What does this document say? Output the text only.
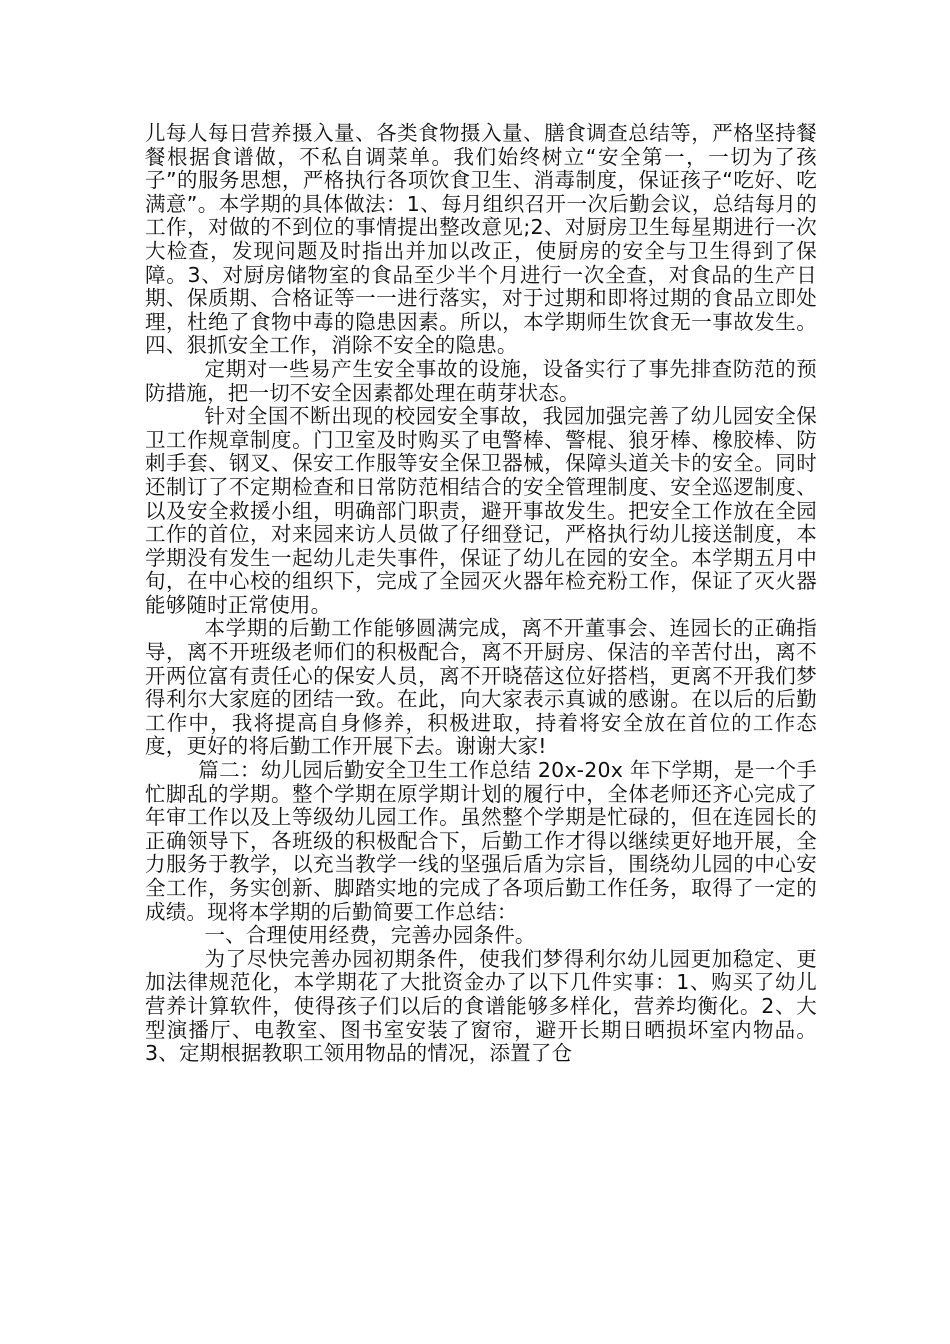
儿每人每日营养摄入量、各类食物摄入量、膳食调查总结等，严格坚持餐餐根据食谱做，不私自调菜单。我们始终树立“安全第一，一切为了孩子”的服务思想，严格执行各项饮食卫生、消毒制度，保证孩子“吃好、吃满意”。本学期的具体做法：1、每月组织召开一次后勤会议，总结每月的工作，对做的不到位的事情提出整改意见;2、对厨房卫生每星期进行一次大检查，发现问题及时指出并加以改正，使厨房的安全与卫生得到了保障。3、对厨房储物室的食品至少半个月进行一次全查，对食品的生产日期、保质期、合格证等一一进行落实，对于过期和即将过期的食品立即处理，杜绝了食物中毒的隐患因素。所以，本学期师生饮食无一事故发生。四、狠抓安全工作，消除不安全的隐患。

定期对一些易产生安全事故的设施，设备实行了事先排查防范的预防措施，把一切不安全因素都处理在萌芽状态。

针对全国不断出现的校园安全事故，我园加强完善了幼儿园安全保卫工作规章制度。门卫室及时购买了电警棒、警棍、狼牙棒、橡胶棒、防刺手套、钢叉、保安工作服等安全保卫器械，保障头道关卡的安全。同时还制订了不定期检查和日常防范相结合的安全管理制度、安全巡逻制度、以及安全救援小组，明确部门职责，避开事故发生。把安全工作放在全园工作的首位，对来园来访人员做了仔细登记，严格执行幼儿接送制度，本学期没有发生一起幼儿走失事件，保证了幼儿在园的安全。本学期五月中旬，在中心校的组织下，完成了全园灭火器年检充粉工作，保证了灭火器能够随时正常使用。

本学期的后勤工作能够圆满完成，离不开董事会、连园长的正确指导，离不开班级老师们的积极配合，离不开厨房、保洁的辛苦付出，离不开两位富有责任心的保安人员，离不开晓蓓这位好搭档，更离不开我们梦得利尔大家庭的团结一致。在此，向大家表示真诚的感谢。在以后的后勤工作中，我将提高自身修养，积极进取，持着将安全放在首位的工作态度，更好的将后勤工作开展下去。谢谢大家!

篇二：幼儿园后勤安全卫生工作总结 20x-20x 年下学期，是一个手忙脚乱的学期。整个学期在原学期计划的履行中，全体老师还齐心完成了年审工作以及上等级幼儿园工作。虽然整个学期是忙碌的，但在连园长的正确领导下，各班级的积极配合下，后勤工作才得以继续更好地开展，全力服务于教学，以充当教学一线的坚强后盾为宗旨，围绕幼儿园的中心安全工作，务实创新、脚踏实地的完成了各项后勤工作任务，取得了一定的成绩。现将本学期的后勤简要工作总结：

一、合理使用经费，完善办园条件。

为了尽快完善办园初期条件，使我们梦得利尔幼儿园更加稳定、更加法律规范化，本学期花了大批资金办了以下几件实事：1、购买了幼儿营养计算软件，使得孩子们以后的食谱能够多样化，营养均衡化。2、大型演播厅、电教室、图书室安装了窗帘，避开长期日晒损坏室内物品。3、定期根据教职工领用物品的情况，添置了仓
